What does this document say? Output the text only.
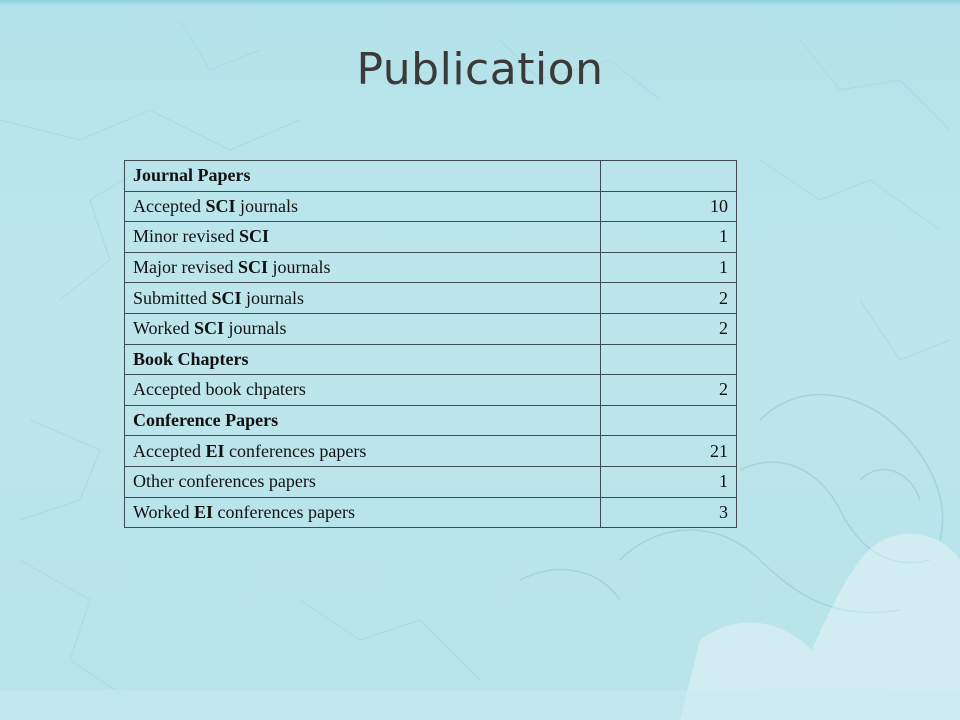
Publication
Journal Papers	
Accepted SCI journals	10
Minor revised SCI	1
Major revised SCI journals	1
Submitted SCI journals	2
Worked SCI journals	2
Book Chapters	
Accepted book chpaters	2
Conference Papers	
Accepted EI conferences papers	21
Other conferences papers	1
Worked EI conferences papers	3
